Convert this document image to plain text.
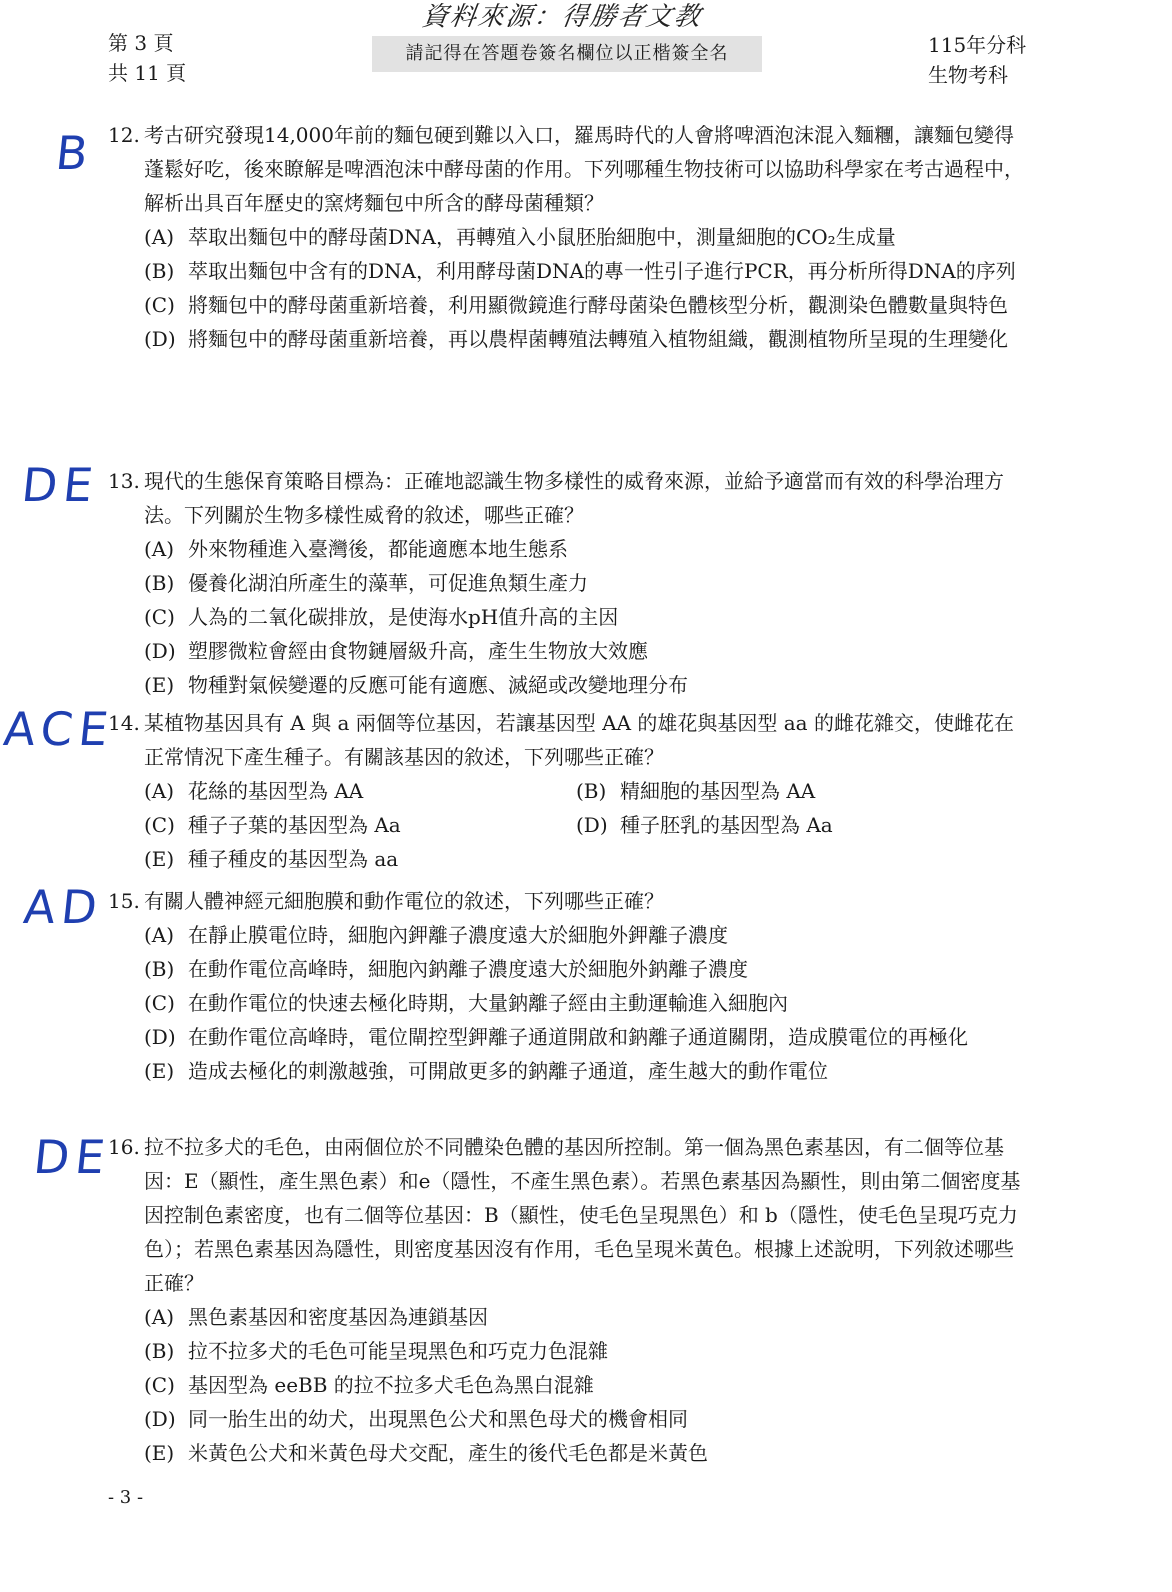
第 3 頁
共 11 頁
資料來源：得勝者文教
請記得在答題卷簽名欄位以正楷簽全名	115年分科
生物考科
B 12. 考古研究發現14,000年前的麵包硬到難以入口，羅馬時代的人會將啤酒泡沫混入麵糰，讓麵包變得蓬鬆好吃，後來瞭解是啤酒泡沫中酵母菌的作用。下列哪種生物技術可以協助科學家在考古過程中，解析出具百年歷史的窯烤麵包中所含的酵母菌種類？
(A) 萃取出麵包中的酵母菌DNA，再轉殖入小鼠胚胎細胞中，測量細胞的CO₂生成量
(B) 萃取出麵包中含有的DNA，利用酵母菌DNA的專一性引子進行PCR，再分析所得DNA的序列
(C) 將麵包中的酵母菌重新培養，利用顯微鏡進行酵母菌染色體核型分析，觀測染色體數量與特色
(D) 將麵包中的酵母菌重新培養，再以農桿菌轉殖法轉殖入植物組織，觀測植物所呈現的生理變化
DE 13. 現代的生態保育策略目標為：正確地認識生物多樣性的威脅來源，並給予適當而有效的科學治理方法。下列關於生物多樣性威脅的敘述，哪些正確？
(A) 外來物種進入臺灣後，都能適應本地生態系
(B) 優養化湖泊所產生的藻華，可促進魚類生產力
(C) 人為的二氧化碳排放，是使海水pH值升高的主因
(D) 塑膠微粒會經由食物鏈層級升高，產生生物放大效應
(E) 物種對氣候變遷的反應可能有適應、滅絕或改變地理分布
ACE
14. 某植物基因具有 A 與 a 兩個等位基因，若讓基因型 AA 的雄花與基因型 aa 的雌花雜交，使雌花在正常情況下產生種子。有關該基因的敘述，下列哪些正確？
(A) 花絲的基因型為 AA	(B) 精細胞的基因型為 AA
(C) 種子子葉的基因型為 Aa	(D) 種子胚乳的基因型為 Aa
(E) 種子種皮的基因型為 aa
AD 15. 有關人體神經元細胞膜和動作電位的敘述，下列哪些正確？
(A) 在靜止膜電位時，細胞內鉀離子濃度遠大於細胞外鉀離子濃度
(B) 在動作電位高峰時，細胞內鈉離子濃度遠大於細胞外鈉離子濃度
(C) 在動作電位的快速去極化時期，大量鈉離子經由主動運輸進入細胞內
(D) 在動作電位高峰時，電位閘控型鉀離子通道開啟和鈉離子通道關閉，造成膜電位的再極化
(E) 造成去極化的刺激越強，可開啟更多的鈉離子通道，產生越大的動作電位
DE
16. 拉不拉多犬的毛色，由兩個位於不同體染色體的基因所控制。第一個為黑色素基因，有二個等位基因：E（顯性，產生黑色素）和e（隱性，不產生黑色素）。若黑色素基因為顯性，則由第二個密度基因控制色素密度，也有二個等位基因：B（顯性，使毛色呈現黑色）和 b（隱性，使毛色呈現巧克力色）；若黑色素基因為隱性，則密度基因沒有作用，毛色呈現米黃色。根據上述說明，下列敘述哪些正確？
(A) 黑色素基因和密度基因為連鎖基因
(B) 拉不拉多犬的毛色可能呈現黑色和巧克力色混雜
(C) 基因型為 eeBB 的拉不拉多犬毛色為黑白混雜
(D) 同一胎生出的幼犬，出現黑色公犬和黑色母犬的機會相同
(E) 米黃色公犬和米黃色母犬交配，產生的後代毛色都是米黃色
- 3 -
